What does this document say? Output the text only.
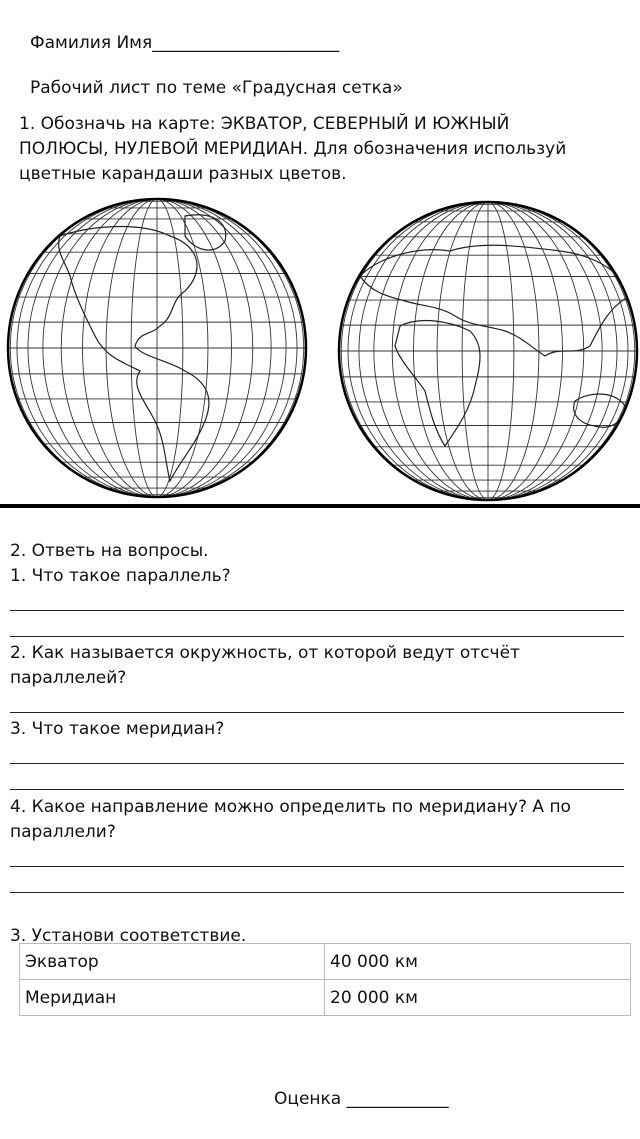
Фамилия Имя______________________
Рабочий лист по теме «Градусная сетка»
1. Обозначь на карте: ЭКВАТОР, СЕВЕРНЫЙ И ЮЖНЫЙ
ПОЛЮСЫ, НУЛЕВОЙ МЕРИДИАН. Для обозначения используй
цветные карандаши разных цветов.
2. Ответь на вопросы.
1. Что такое параллель?
2. Как называется окружность, от которой ведут отсчёт
параллелей?
3. Что такое меридиан?
4. Какое направление можно определить по меридиану? А по
параллели?
3. Установи соответствие.
Экватор	40 000 км
Меридиан	20 000 км
Оценка ____________
